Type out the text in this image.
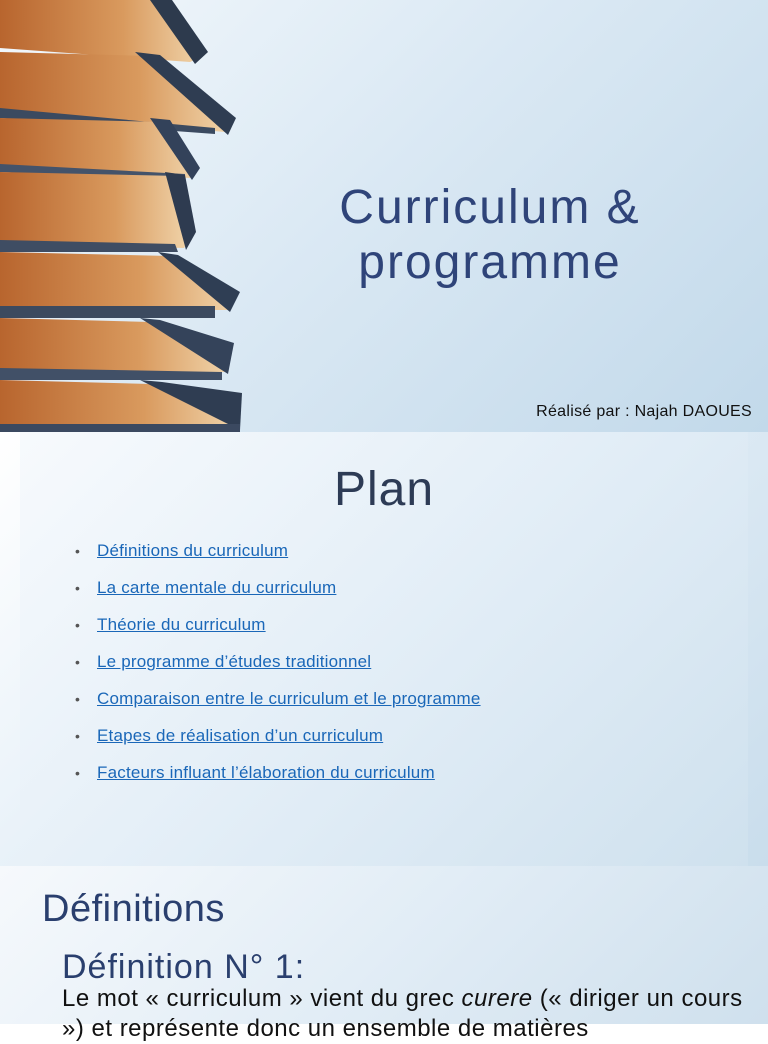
Curriculum &
programme
Réalisé par : Najah DAOUES
Plan
•	Définitions du curriculum
•	La carte mentale du curriculum
•	Théorie du curriculum
•	Le programme d’études traditionnel
•	Comparaison entre le curriculum et le programme
•	Etapes de réalisation d’un curriculum
•	Facteurs influant l’élaboration du curriculum
Définitions
Définition N° 1:
Le mot « curriculum » vient du grec curere (« diriger un cours ») et représente donc un ensemble de matières
